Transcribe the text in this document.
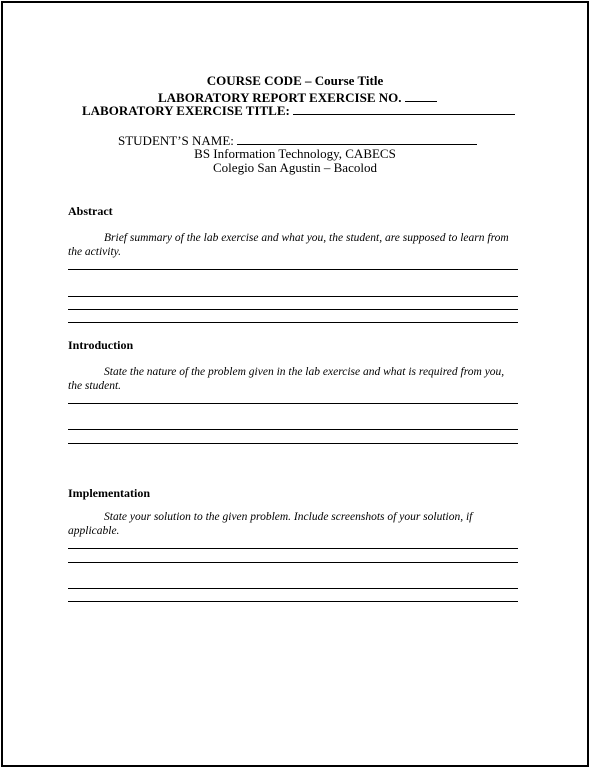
COURSE CODE – Course Title
LABORATORY REPORT EXERCISE NO.
LABORATORY EXERCISE TITLE:
STUDENT’S NAME:
BS Information Technology, CABECS
Colegio San Agustin – Bacolod
Abstract
Brief summary of the lab exercise and what you, the student, are supposed to learn from the activity.
Introduction
State the nature of the problem given in the lab exercise and what is required from you, the student.
Implementation
State your solution to the given problem. Include screenshots of your solution, if applicable.
